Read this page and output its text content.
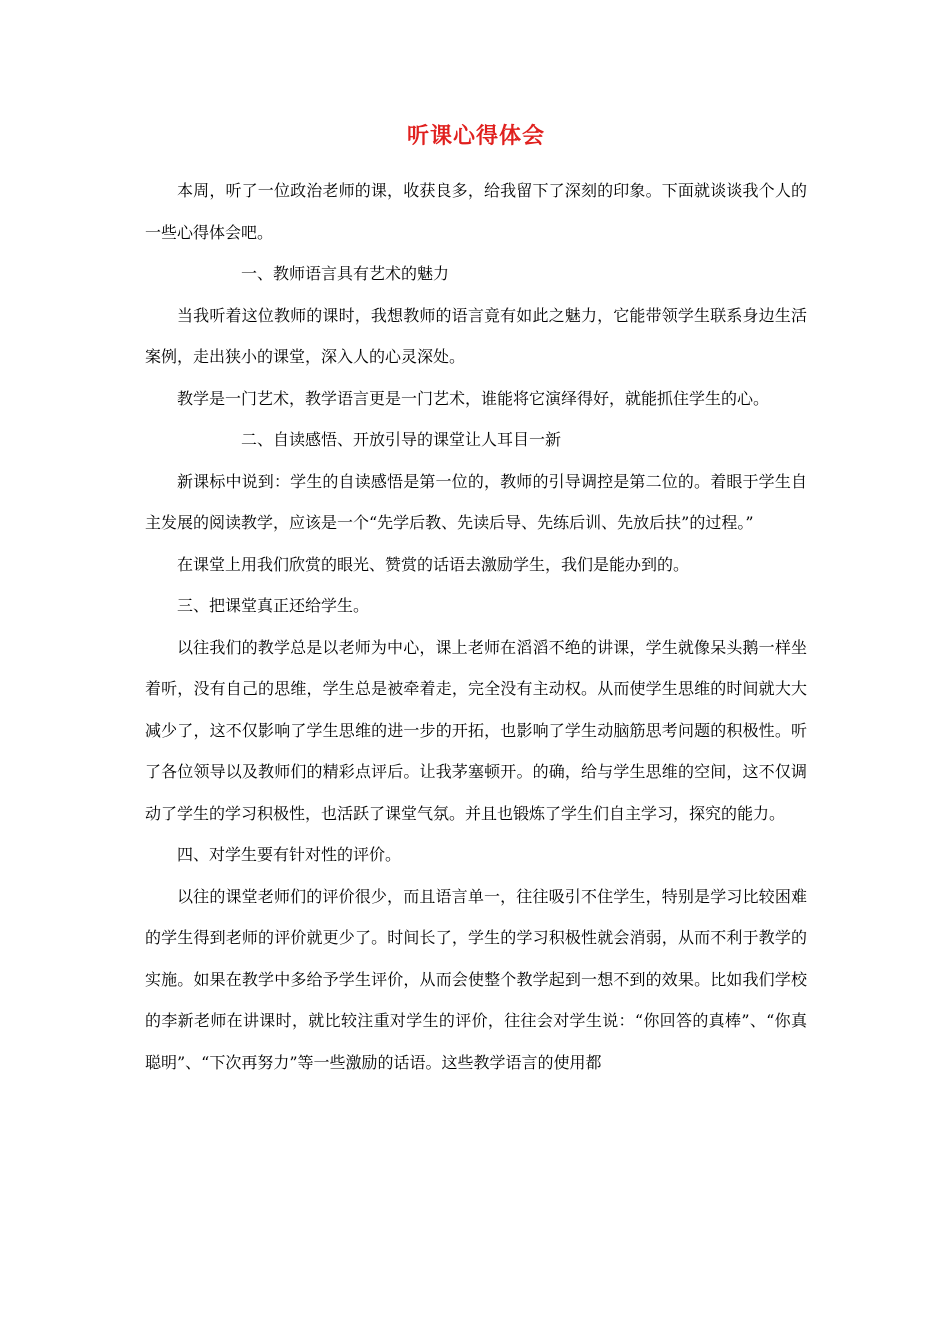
听课心得体会
本周，听了一位政治老师的课，收获良多，给我留下了深刻的印象。下面就谈谈我个人的一些心得体会吧。
一、教师语言具有艺术的魅力
当我听着这位教师的课时，我想教师的语言竟有如此之魅力，它能带领学生联系身边生活案例，走出狭小的课堂，深入人的心灵深处。
教学是一门艺术，教学语言更是一门艺术，谁能将它演绎得好，就能抓住学生的心。
二、自读感悟、开放引导的课堂让人耳目一新
新课标中说到：学生的自读感悟是第一位的，教师的引导调控是第二位的。着眼于学生自主发展的阅读教学，应该是一个“先学后教、先读后导、先练后训、先放后扶”的过程。”
在课堂上用我们欣赏的眼光、赞赏的话语去激励学生，我们是能办到的。
三、把课堂真正还给学生。
以往我们的教学总是以老师为中心，课上老师在滔滔不绝的讲课，学生就像呆头鹅一样坐着听，没有自己的思维，学生总是被牵着走，完全没有主动权。从而使学生思维的时间就大大减少了，这不仅影响了学生思维的进一步的开拓，也影响了学生动脑筋思考问题的积极性。听了各位领导以及教师们的精彩点评后。让我茅塞顿开。的确，给与学生思维的空间，这不仅调动了学生的学习积极性，也活跃了课堂气氛。并且也锻炼了学生们自主学习，探究的能力。
四、对学生要有针对性的评价。
以往的课堂老师们的评价很少，而且语言单一，往往吸引不住学生，特别是学习比较困难的学生得到老师的评价就更少了。时间长了，学生的学习积极性就会消弱，从而不利于教学的实施。如果在教学中多给予学生评价，从而会使整个教学起到一想不到的效果。比如我们学校的李新老师在讲课时，就比较注重对学生的评价，往往会对学生说：“你回答的真棒”、“你真聪明”、“下次再努力”等一些激励的话语。这些教学语言的使用都
